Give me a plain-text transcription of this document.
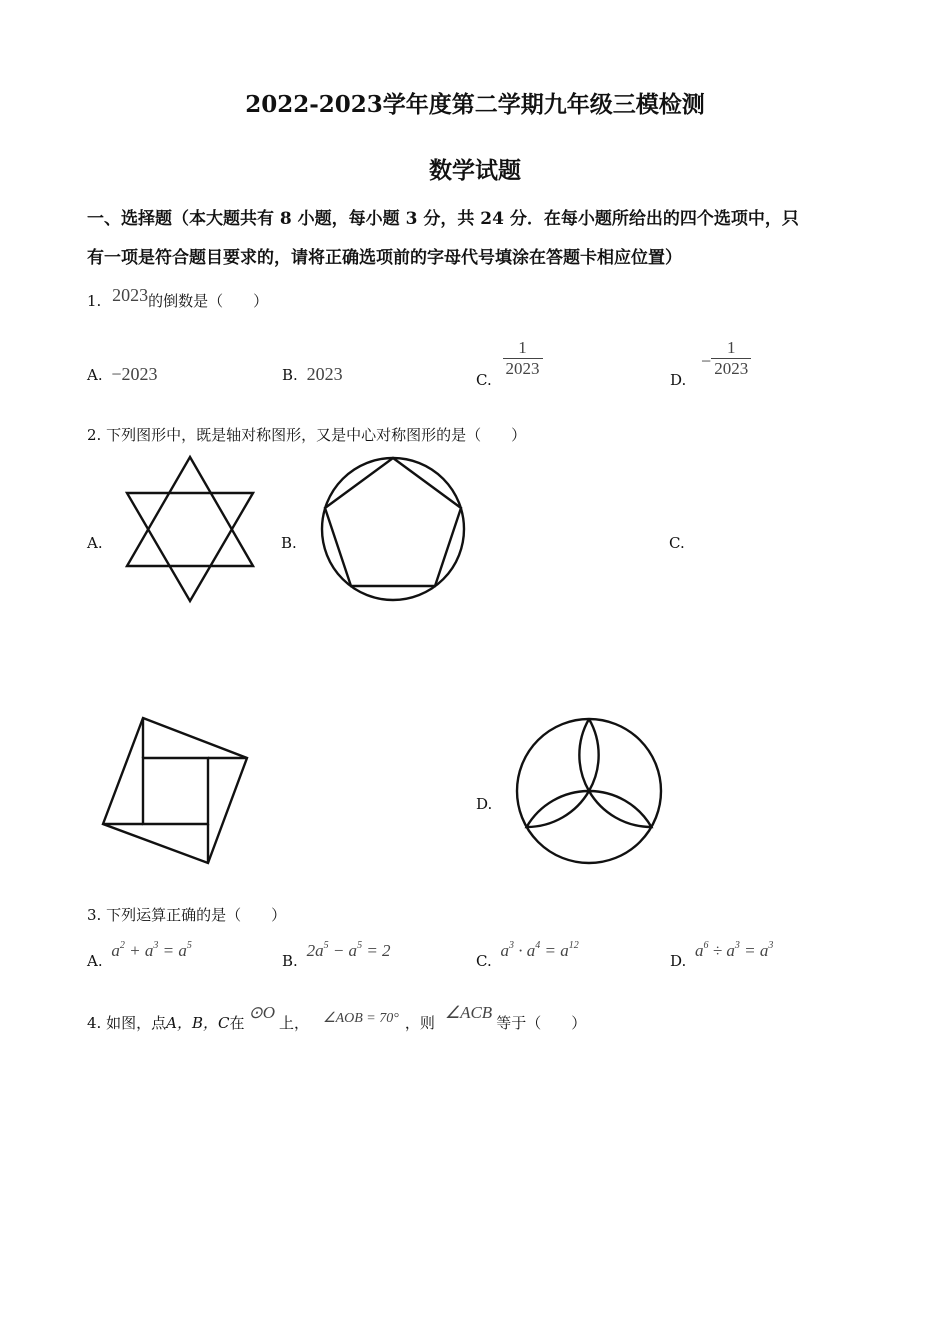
2022-2023学年度第二学期九年级三模检测
数学试题
一、选择题（本大题共有 8 小题，每小题 3 分，共 24 分．在每小题所给出的四个选项中，只
有一项是符合题目要求的，请将正确选项前的字母代号填涂在答题卡相应位置）
1. 2023的倒数是（　　）
A. −2023	B. 2023	C.
$\frac{1}{2023}$
D. − $\frac{1}{2023}$
2. 下列图形中，既是轴对称图形，又是中心对称图形的是（　　）
A.	B.	C.
D.
3. 下列运算正确的是（　　）
A. $a^2 + a^3 = a^5$
B. $2a^5 - a^5 = 2$
C. $a^3 \cdot a^4 = a^{12}$
D. $a^6 \div a^3 = a^3$
4. 如图，点A，B，C在⊙O上， ∠AOB = 70° ，则∠ACB等于（　　）
